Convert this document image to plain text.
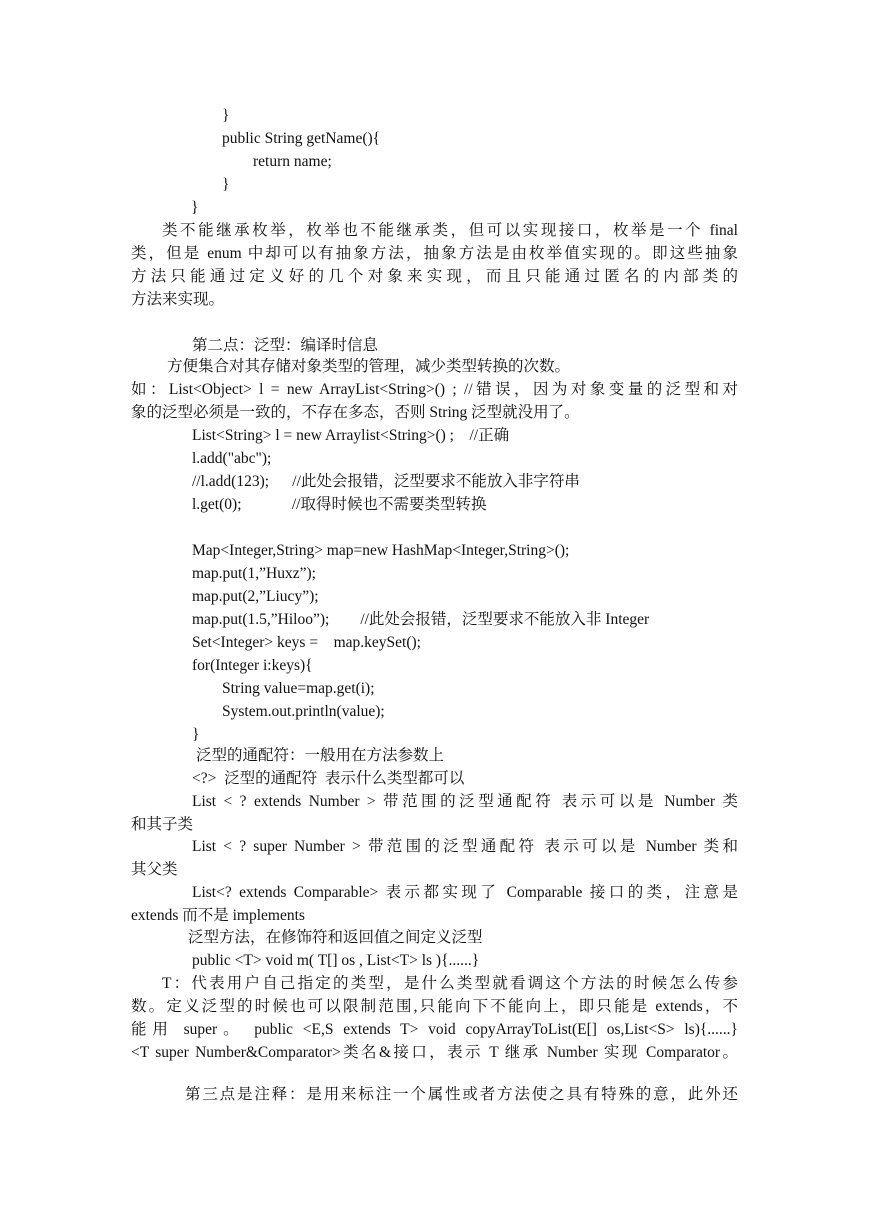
}
public String getName(){
return name;
}
}
类不能继承枚举，枚举也不能继承类，但可以实现接口，枚举是一个 final
类，但是 enum 中却可以有抽象方法，抽象方法是由枚举值实现的。即这些抽象
方法只能通过定义好的几个对象来实现，而且只能通过匿名的内部类的
方法来实现。
第二点：泛型：编译时信息
方便集合对其存储对象类型的管理，减少类型转换的次数。
如：List<Object> l = new ArrayList<String>() ; //错误，因为对象变量的泛型和对
象的泛型必须是一致的，不存在多态，否则 String 泛型就没用了。
List<String> l = new Arraylist<String>() ;    //正确
l.add("abc");
//l.add(123);      //此处会报错，泛型要求不能放入非字符串
l.get(0);             //取得时候也不需要类型转换
Map<Integer,String> map=new HashMap<Integer,String>();
map.put(1,”Huxz”);
map.put(2,”Liucy”);
map.put(1.5,”Hiloo”);        //此处会报错，泛型要求不能放入非 Integer
Set<Integer> keys =    map.keySet();
for(Integer i:keys){
String value=map.get(i);
System.out.println(value);
}
泛型的通配符：一般用在方法参数上
<?>  泛型的通配符  表示什么类型都可以
List < ? extends Number > 带范围的泛型通配符 表示可以是 Number 类
和其子类
List < ? super Number > 带范围的泛型通配符 表示可以是 Number 类和
其父类
List<? extends Comparable> 表示都实现了 Comparable 接口的类，注意是
extends 而不是 implements
泛型方法，在修饰符和返回值之间定义泛型
public <T> void m( T[] os , List<T> ls ){......}
T：代表用户自己指定的类型，是什么类型就看调这个方法的时候怎么传参
数。定义泛型的时候也可以限制范围,只能向下不能向上，即只能是 extends，不
能用 super。 public <E,S extends T> void copyArrayToList(E[] os,List<S> ls){......}
<T super Number&Comparator>类名&接口，表示 T 继承 Number 实现 Comparator。
第三点是注释：是用来标注一个属性或者方法使之具有特殊的意，此外还
